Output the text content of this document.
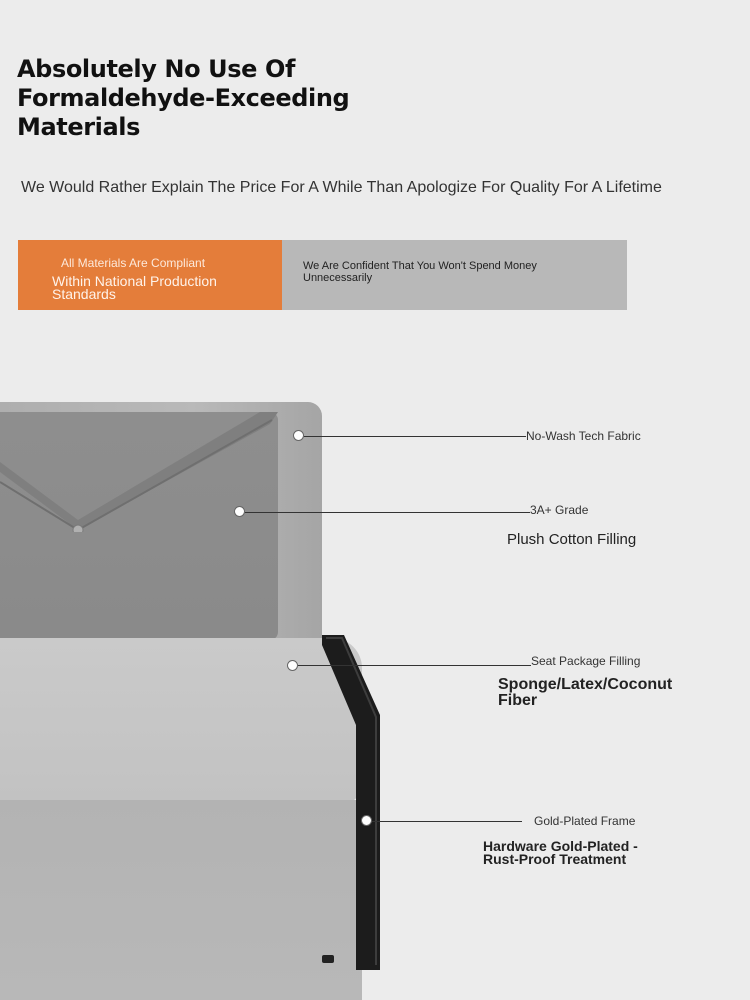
Absolutely No Use Of
Formaldehyde-Exceeding
Materials
We Would Rather Explain The Price For A While Than Apologize For Quality For A Lifetime
All Materials Are Compliant
Within National Production Standards
We Are Confident That You Won't Spend Money Unnecessarily
No-Wash Tech Fabric
3A+ Grade
Plush Cotton Filling
Seat Package Filling
Sponge/Latex/Coconut Fiber
Gold-Plated Frame
Hardware Gold-Plated - Rust-Proof Treatment
